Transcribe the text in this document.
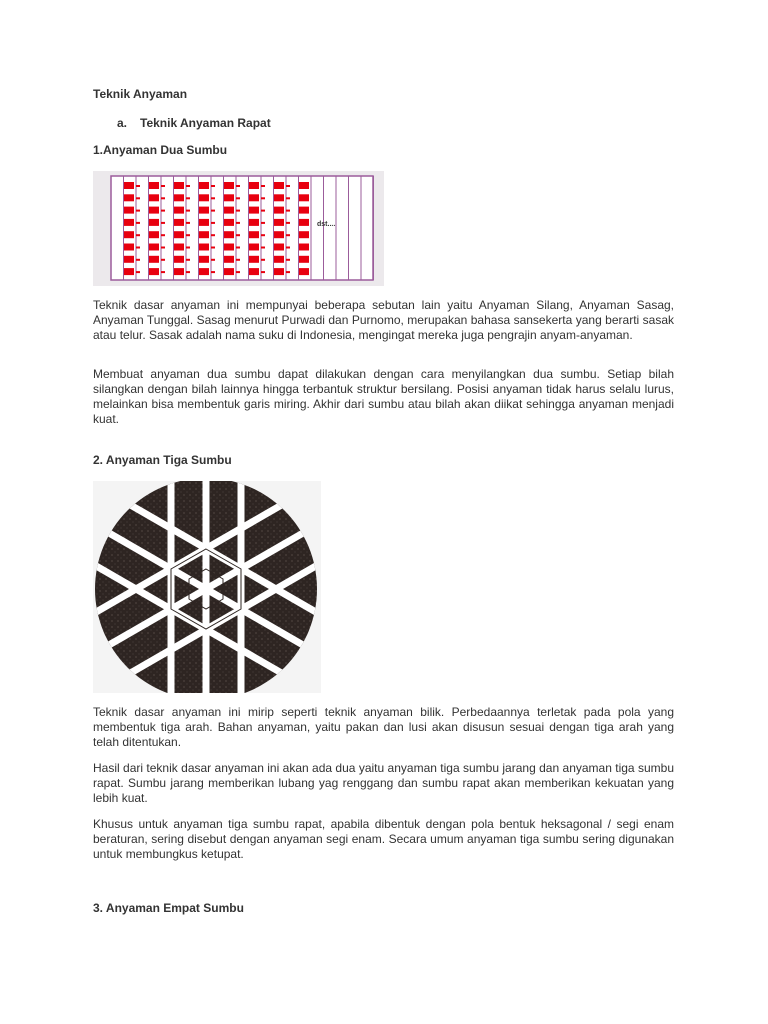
Teknik Anyaman
a. Teknik Anyaman Rapat
1.Anyaman Dua Sumbu
dst....
Teknik dasar anyaman ini mempunyai beberapa sebutan lain yaitu Anyaman Silang, Anyaman Sasag, Anyaman Tunggal. Sasag menurut Purwadi dan Purnomo, merupakan bahasa sansekerta yang berarti sasak atau telur. Sasak adalah nama suku di Indonesia, mengingat mereka juga pengrajin anyam-anyaman.
Membuat anyaman dua sumbu dapat dilakukan dengan cara menyilangkan dua sumbu. Setiap bilah silangkan dengan bilah lainnya hingga terbantuk struktur bersilang. Posisi anyaman tidak harus selalu lurus, melainkan bisa membentuk garis miring. Akhir dari sumbu atau bilah akan diikat sehingga anyaman menjadi kuat.
2. Anyaman Tiga Sumbu
Teknik dasar anyaman ini mirip seperti teknik anyaman bilik. Perbedaannya terletak pada pola yang membentuk tiga arah. Bahan anyaman, yaitu pakan dan lusi akan disusun sesuai dengan tiga arah yang telah ditentukan.
Hasil dari teknik dasar anyaman ini akan ada dua yaitu anyaman tiga sumbu jarang dan anyaman tiga sumbu rapat. Sumbu jarang memberikan lubang yag renggang dan sumbu rapat akan memberikan kekuatan yang lebih kuat.
Khusus untuk anyaman tiga sumbu rapat, apabila dibentuk dengan pola bentuk heksagonal / segi enam beraturan, sering disebut dengan anyaman segi enam. Secara umum anyaman tiga sumbu sering digunakan untuk membungkus ketupat.
3. Anyaman Empat Sumbu
